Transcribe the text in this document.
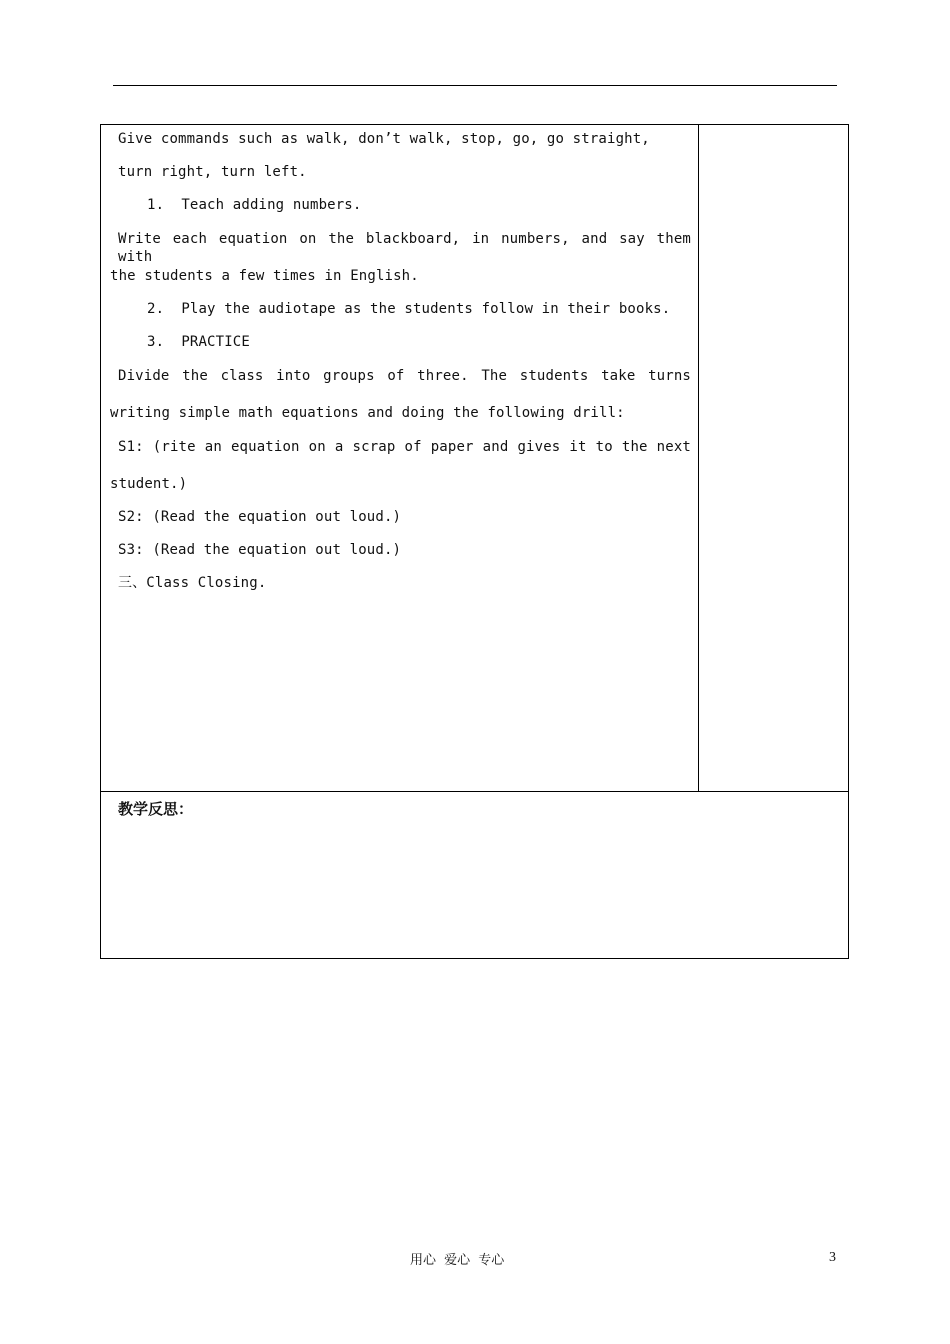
Give commands such as walk, don’t walk, stop, go, go straight,
turn right, turn left.
1.  Teach adding numbers.
Write each equation on the blackboard, in numbers, and say them with
the students a few times in English.
2.  Play the audiotape as the students follow in their books.
3.  PRACTICE
Divide the class into groups of three. The students take turns
writing simple math equations and doing the following drill:
S1: (rite an equation on a scrap of paper and gives it to the next
student.)
S2: (Read the equation out loud.)
S3: (Read the equation out loud.)
三、Class Closing.
教学反思：
用心 爱心 专心	3
